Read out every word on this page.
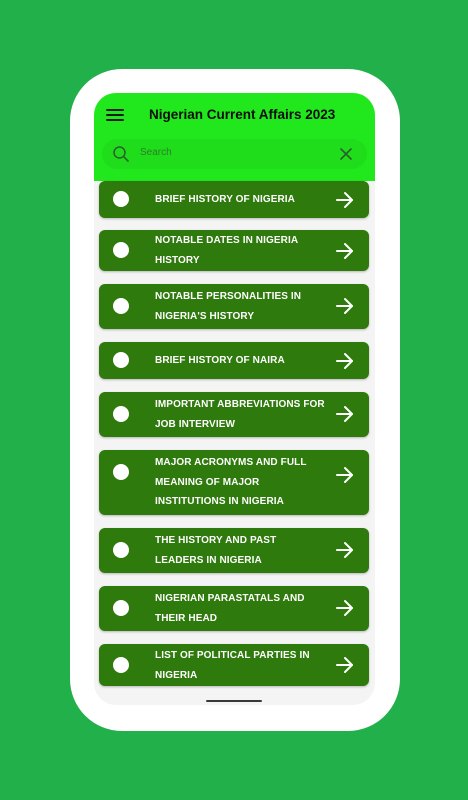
Nigerian Current Affairs 2023
Search
BRIEF HISTORY OF NIGERIA
NOTABLE DATES IN NIGERIA HISTORY
NOTABLE PERSONALITIES IN NIGERIA'S HISTORY
BRIEF HISTORY OF NAIRA
IMPORTANT ABBREVIATIONS FOR JOB INTERVIEW
MAJOR ACRONYMS AND FULL MEANING OF MAJOR INSTITUTIONS IN NIGERIA
THE HISTORY AND PAST LEADERS IN NIGERIA
NIGERIAN PARASTATALS AND THEIR HEAD
LIST OF POLITICAL PARTIES IN NIGERIA
